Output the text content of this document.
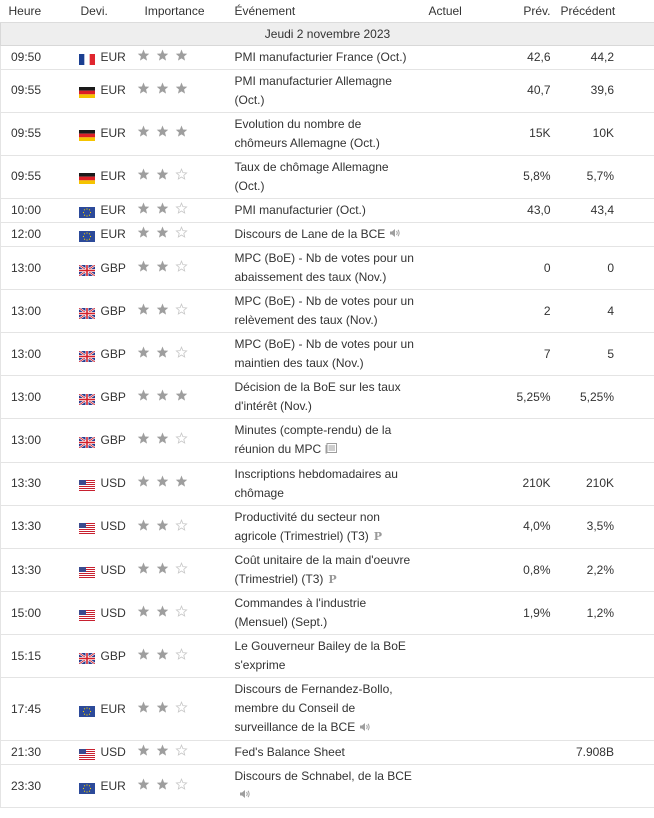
Heure	Devi.	Importance	Événement	Actuel	Prév.	Précédent
Jeudi 2 novembre 2023						
09:50	EUR		PMI manufacturier France (Oct.)		42,6	44,2
09:55	EUR		PMI manufacturier Allemagne (Oct.)		40,7	39,6
09:55	EUR		Evolution du nombre de chômeurs Allemagne (Oct.)		15K	10K
09:55	EUR		Taux de chômage Allemagne (Oct.)		5,8%	5,7%
10:00	EUR		PMI manufacturier (Oct.)		43,0	43,4
12:00	EUR		Discours de Lane de la BCE			
13:00	GBP		MPC (BoE) - Nb de votes pour un abaissement des taux (Nov.)		0	0
13:00	GBP		MPC (BoE) - Nb de votes pour un relèvement des taux (Nov.)		2	4
13:00	GBP		MPC (BoE) - Nb de votes pour un maintien des taux (Nov.)		7	5
13:00	GBP		Décision de la BoE sur les taux d'intérêt (Nov.)		5,25%	5,25%
13:00	GBP		Minutes (compte-rendu) de la réunion du MPC			
13:30	USD		Inscriptions hebdomadaires au chômage		210K	210K
13:30	USD		Productivité du secteur non agricole (Trimestriel) (T3) P		4,0%	3,5%
13:30	USD		Coût unitaire de la main d'oeuvre (Trimestriel) (T3) P		0,8%	2,2%
15:00	USD		Commandes à l'industrie (Mensuel) (Sept.)		1,9%	1,2%
15:15	GBP		Le Gouverneur Bailey de la BoE s'exprime			
17:45	EUR		Discours de Fernandez-Bollo, membre du Conseil de surveillance de la BCE			
21:30	USD		Fed's Balance Sheet			7.908B
23:30	EUR		Discours de Schnabel, de la BCE			
